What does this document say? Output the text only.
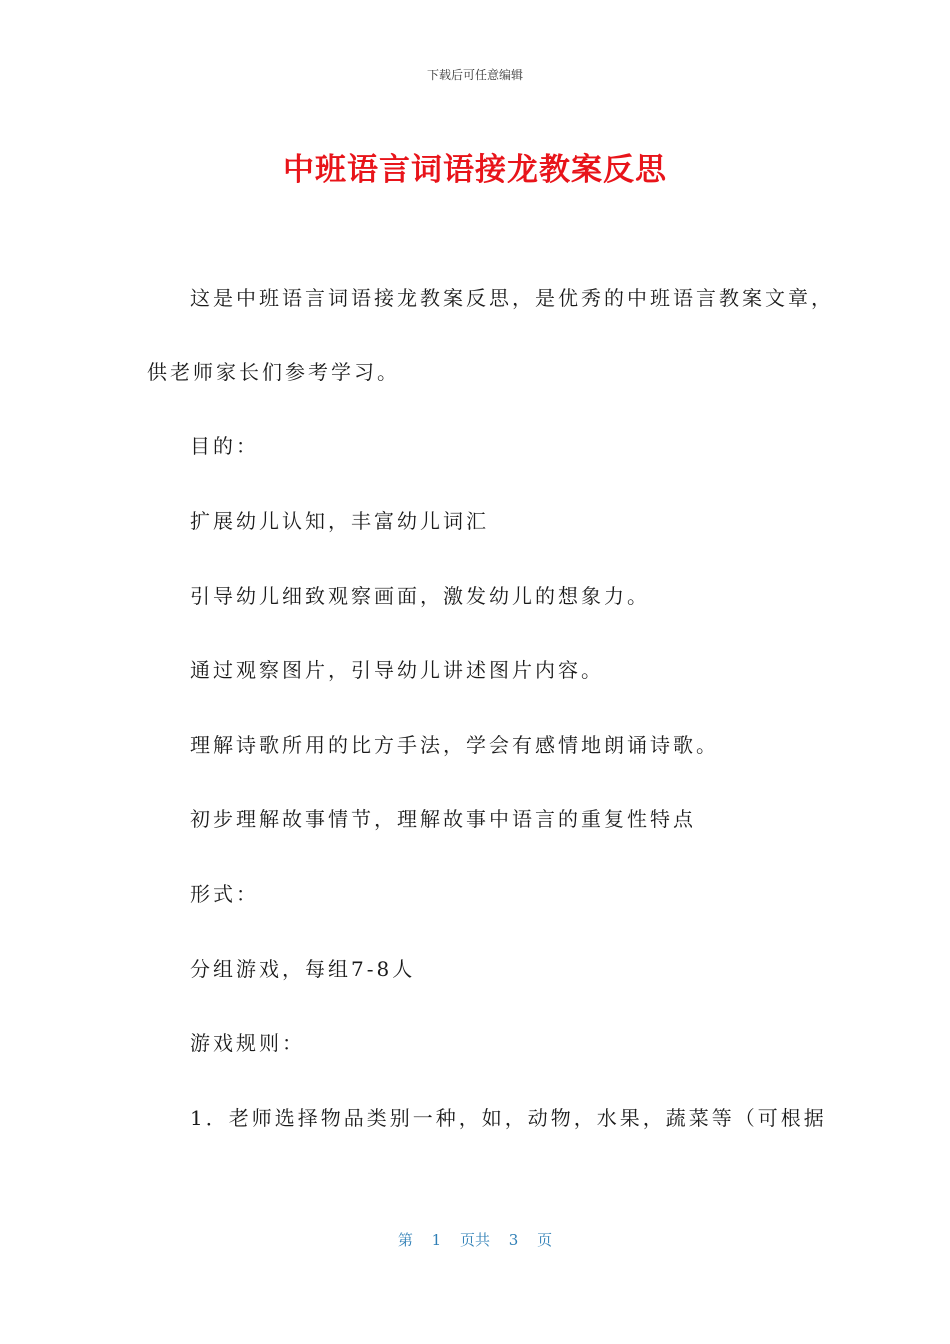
下载后可任意编辑
中班语言词语接龙教案反思
这是中班语言词语接龙教案反思，是优秀的中班语言教案文章，
供老师家长们参考学习。
目的：
扩展幼儿认知，丰富幼儿词汇
引导幼儿细致观察画面，激发幼儿的想象力。
通过观察图片，引导幼儿讲述图片内容。
理解诗歌所用的比方手法，学会有感情地朗诵诗歌。
初步理解故事情节，理解故事中语言的重复性特点
形式：
分组游戏，每组7-8人
游戏规则：
1．老师选择物品类别一种，如，动物，水果，蔬菜等（可根据
第 1 页共 3 页
